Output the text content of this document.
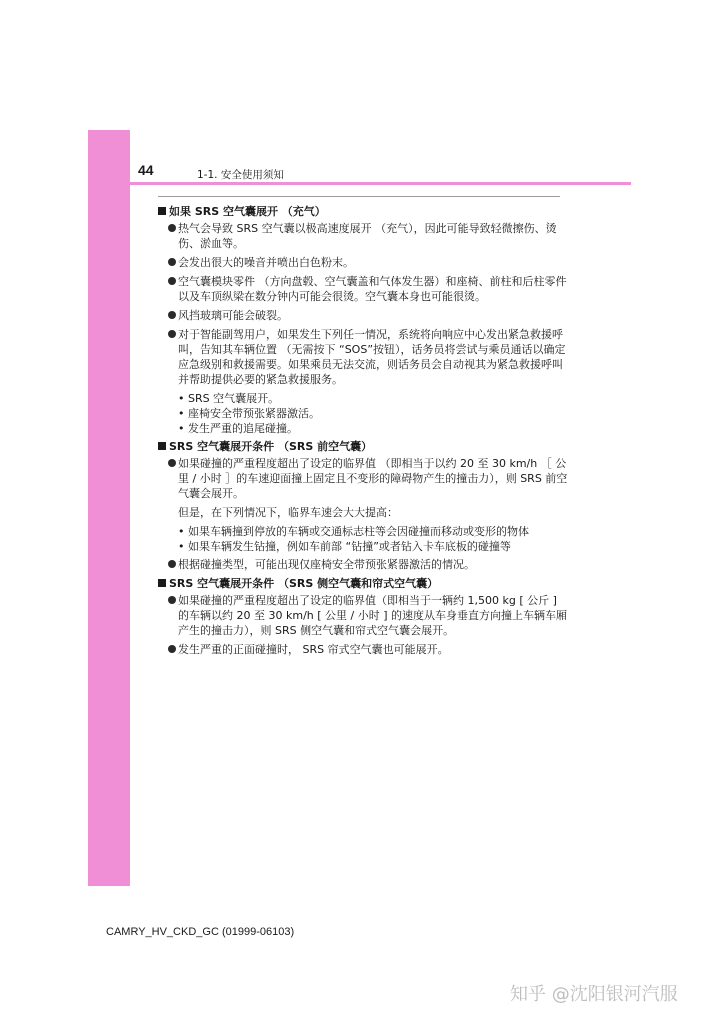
44	1-1. 安全使用须知
如果 SRS 空气囊展开 （充气）
热气会导致 SRS 空气囊以极高速度展开 （充气），因此可能导致轻微擦伤、烫伤、淤血等。
会发出很大的噪音并喷出白色粉末。
空气囊模块零件 （方向盘毂、空气囊盖和气体发生器）和座椅、前柱和后柱零件以及车顶纵梁在数分钟内可能会很烫。空气囊本身也可能很烫。
风挡玻璃可能会破裂。
对于智能副驾用户，如果发生下列任一情况，系统将向响应中心发出紧急救援呼叫，告知其车辆位置 （无需按下 “SOS”按钮），话务员将尝试与乘员通话以确定应急级别和救援需要。如果乘员无法交流，则话务员会自动视其为紧急救援呼叫并帮助提供必要的紧急救援服务。
• SRS 空气囊展开。
• 座椅安全带预张紧器激活。
• 发生严重的追尾碰撞。
SRS 空气囊展开条件 （SRS 前空气囊）
如果碰撞的严重程度超出了设定的临界值 （即相当于以约 20 至 30 km/h ［ 公里 / 小时 ］的车速迎面撞上固定且不变形的障碍物产生的撞击力），则 SRS 前空气囊会展开。
但是，在下列情况下，临界车速会大大提高：
• 如果车辆撞到停放的车辆或交通标志柱等会因碰撞而移动或变形的物体
• 如果车辆发生钻撞，例如车前部 “钻撞”或者钻入卡车底板的碰撞等
根据碰撞类型，可能出现仅座椅安全带预张紧器激活的情况。
SRS 空气囊展开条件 （SRS 侧空气囊和帘式空气囊）
如果碰撞的严重程度超出了设定的临界值（即相当于一辆约 1,500 kg [ 公斤 ] 的车辆以约 20 至 30 km/h [ 公里 / 小时 ] 的速度从车身垂直方向撞上车辆车厢产生的撞击力），则 SRS 侧空气囊和帘式空气囊会展开。
发生严重的正面碰撞时， SRS 帘式空气囊也可能展开。
CAMRY_HV_CKD_GC (01999-06103)
知乎 @沈阳银河汽服
